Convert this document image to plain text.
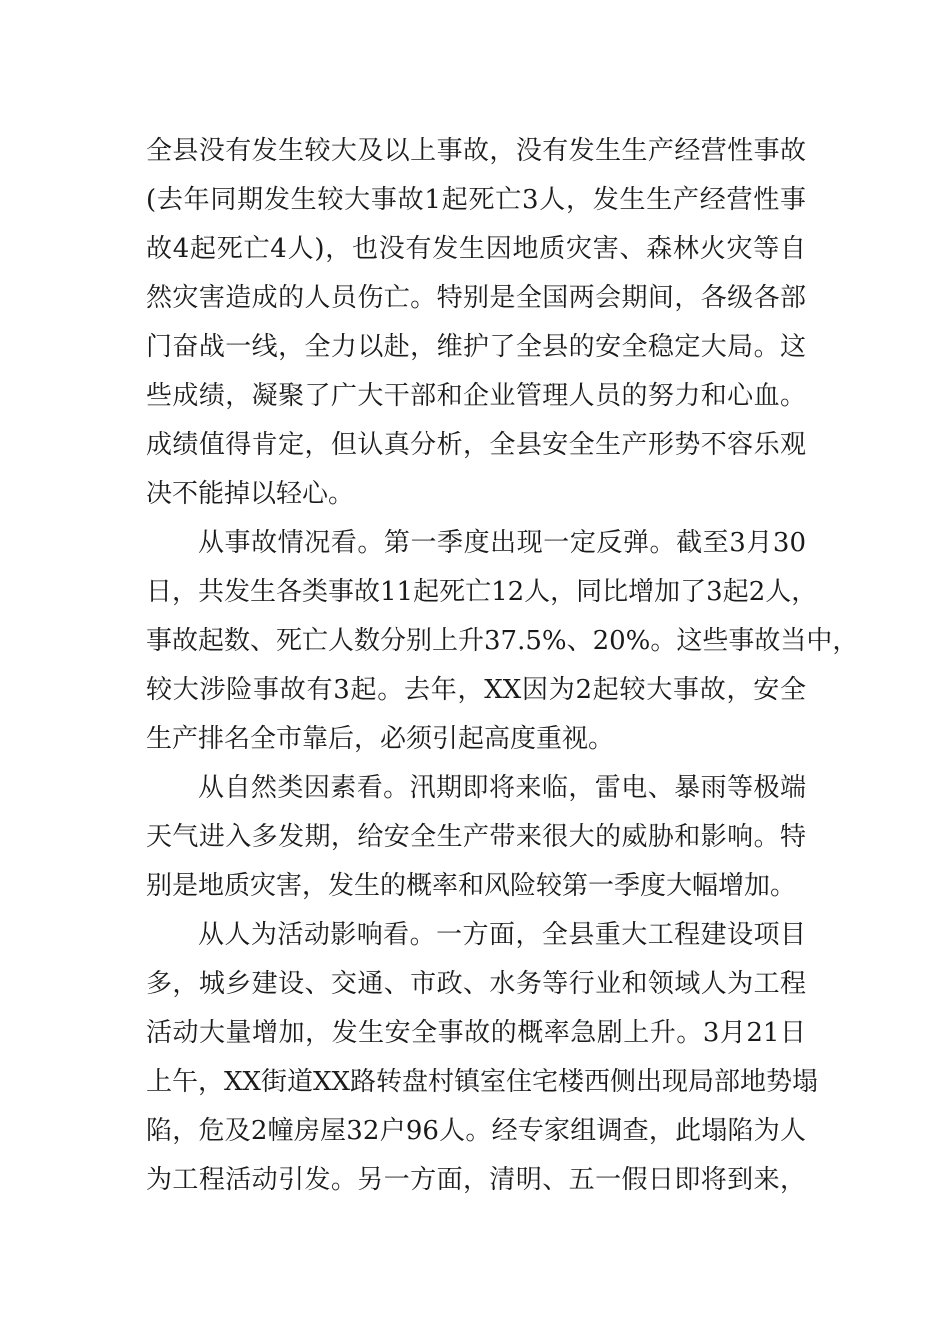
全县没有发生较大及以上事故，没有发生生产经营性事故
(去年同期发生较大事故1起死亡3人，发生生产经营性事
故4起死亡4人)，也没有发生因地质灾害、森林火灾等自
然灾害造成的人员伤亡。特别是全国两会期间，各级各部
门奋战一线，全力以赴，维护了全县的安全稳定大局。这
些成绩，凝聚了广大干部和企业管理人员的努力和心血。
成绩值得肯定，但认真分析，全县安全生产形势不容乐观
决不能掉以轻心。
从事故情况看。第一季度出现一定反弹。截至3月30
日，共发生各类事故11起死亡12人，同比增加了3起2人，
事故起数、死亡人数分别上升37.5%、20%。这些事故当中，
较大涉险事故有3起。去年，XX因为2起较大事故，安全
生产排名全市靠后，必须引起高度重视。
从自然类因素看。汛期即将来临，雷电、暴雨等极端
天气进入多发期，给安全生产带来很大的威胁和影响。特
别是地质灾害，发生的概率和风险较第一季度大幅增加。
从人为活动影响看。一方面，全县重大工程建设项目
多，城乡建设、交通、市政、水务等行业和领域人为工程
活动大量增加，发生安全事故的概率急剧上升。3月21日
上午，XX街道XX路转盘村镇室住宅楼西侧出现局部地势塌
陷，危及2幢房屋32户96人。经专家组调查，此塌陷为人
为工程活动引发。另一方面，清明、五一假日即将到来，
